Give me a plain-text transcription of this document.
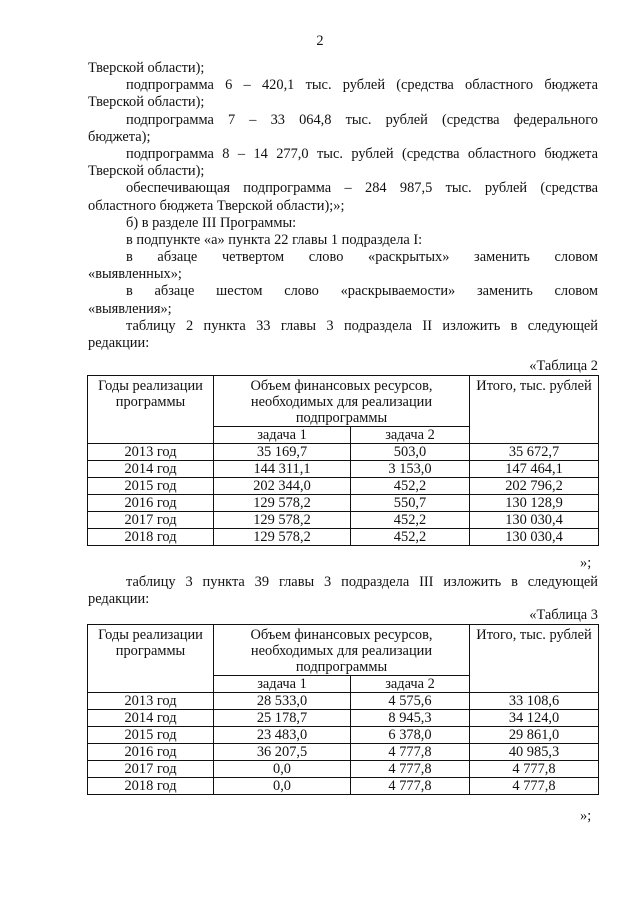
2
Тверской области);
подпрограмма 6 – 420,1 тыс. рублей (средства областного бюджета
Тверской области);
подпрограмма 7 – 33 064,8 тыс. рублей (средства федерального
бюджета);
подпрограмма 8 – 14 277,0 тыс. рублей (средства областного бюджета
Тверской области);
обеспечивающая подпрограмма – 284 987,5 тыс. рублей (средства
областного бюджета Тверской области);»;
б) в разделе III Программы:
в подпункте «а» пункта 22 главы 1 подраздела I:
в абзаце четвертом слово «раскрытых» заменить словом
«выявленных»;
в абзаце шестом слово «раскрываемости» заменить словом
«выявления»;
таблицу 2 пункта 33 главы 3 подраздела II изложить в следующей
редакции:
«Таблица 2
Годы реализации программы	Объем финансовых ресурсов, необходимых для реализации подпрограммы		Итого, тыс. рублей
	задача 1	задача 2	
2013 год	35 169,7	503,0	35 672,7
2014 год	144 311,1	3 153,0	147 464,1
2015 год	202 344,0	452,2	202 796,2
2016 год	129 578,2	550,7	130 128,9
2017 год	129 578,2	452,2	130 030,4
2018 год	129 578,2	452,2	130 030,4
»;
таблицу 3 пункта 39 главы 3 подраздела III изложить в следующей
редакции:
«Таблица 3
Годы реализации программы	Объем финансовых ресурсов, необходимых для реализации подпрограммы		Итого, тыс. рублей
	задача 1	задача 2	
2013 год	28 533,0	4 575,6	33 108,6
2014 год	25 178,7	8 945,3	34 124,0
2015 год	23 483,0	6 378,0	29 861,0
2016 год	36 207,5	4 777,8	40 985,3
2017 год	0,0	4 777,8	4 777,8
2018 год	0,0	4 777,8	4 777,8
»;
